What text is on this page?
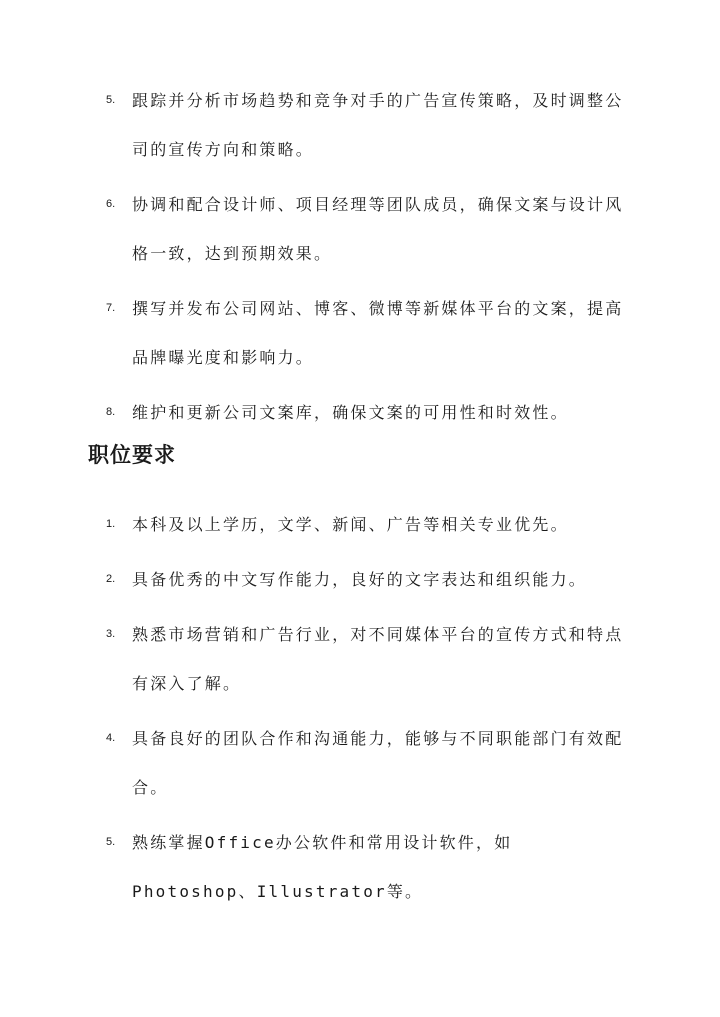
5. 跟踪并分析市场趋势和竞争对手的广告宣传策略，及时调整公司的宣传方向和策略。
6. 协调和配合设计师、项目经理等团队成员，确保文案与设计风格一致，达到预期效果。
7. 撰写并发布公司网站、博客、微博等新媒体平台的文案，提高品牌曝光度和影响力。
8. 维护和更新公司文案库，确保文案的可用性和时效性。
职位要求
1. 本科及以上学历，文学、新闻、广告等相关专业优先。
2. 具备优秀的中文写作能力，良好的文字表达和组织能力。
3. 熟悉市场营销和广告行业，对不同媒体平台的宣传方式和特点有深入了解。
4. 具备良好的团队合作和沟通能力，能够与不同职能部门有效配合。
5. 熟练掌握Office办公软件和常用设计软件，如Photoshop、Illustrator等。
